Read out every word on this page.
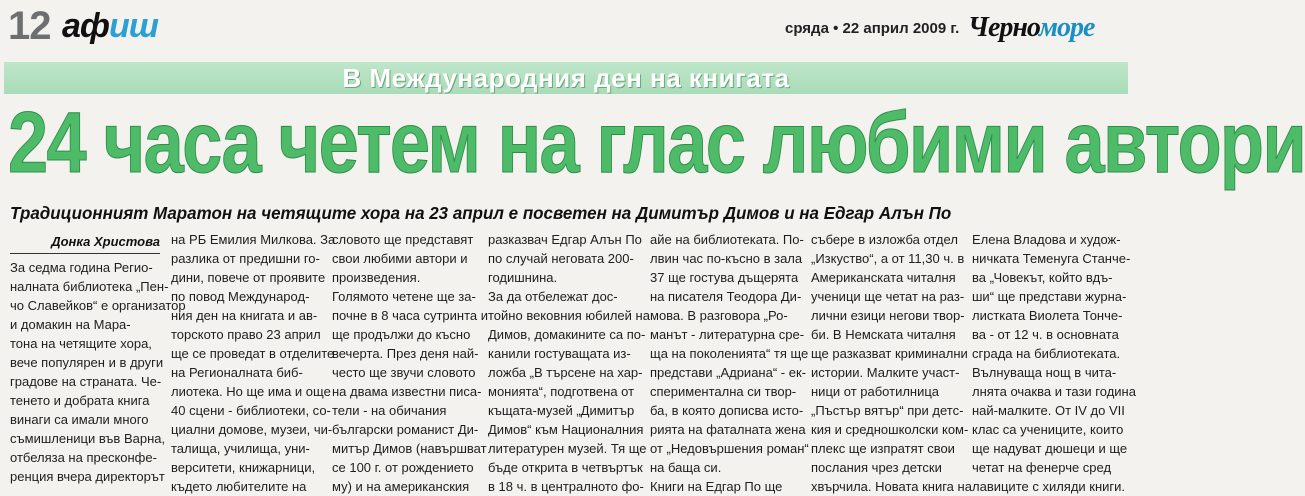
12 афиш	сряда • 22 април 2009 г. Черноморе
В Международния ден на книгата
24 часа четем на глас любими автори
Традиционният Маратон на четящите хора на 23 април е посветен на Димитър Димов и на Едгар Алън По
Донка Христова
За седма година Регио-
налната библиотека „Пен-
чо Славейков“ е организатор
и домакин на Мара-
тона на четящите хора,
вече популярен и в други
градове на страната. Че-
тенето и добрата книга
винаги са имали много
съмишленици във Варна,
отбеляза на пресконфе-
ренция вчера директорът
на РБ Емилия Милкова. За
разлика от предишни го-
дини, повече от проявите
по повод Международ-
ния ден на книгата и ав-
торското право 23 април
ще се проведат в отделите
на Регионалната биб-
лиотека. Но ще има и още
40 сцени - библиотеки, со-
циални домове, музеи, чи-
талища, училища, уни-
верситети, книжарници,
където любителите на
словото ще представят
свои любими автори и
произведения.
Голямото четене ще за-
почне в 8 часа сутринта и
ще продължи до късно
вечерта. През деня най-
често ще звучи словото
на двама известни писа-
тели - на обичания
български романист Ди-
митър Димов (навършват
се 100 г. от рождението
му) и на американския
разказвач Едгар Алън По
по случай неговата 200-
годишнина.
За да отбележат дос-
тойно вековния юбилей на
Димов, домакините са по-
канили гостуващата из-
ложба „В търсене на хар-
монията“, подготвена от
къщата-музей „Димитър
Димов“ към Националния
литературен музей. Тя ще
бъде открита в четвъртък
в 18 ч. в централното фо-
айе на библиотеката. По-
лвин час по-късно в зала
37 ще гостува дъщерята
на писателя Теодора Ди-
мова. В разговора „Ро-
манът - литературна сре-
ща на поколенията“ тя ще
представи „Адриана“ - ек-
спериментална си твор-
ба, в която дописва исто-
рията на фаталната жена
от „Недовършения роман“
на баща си.
Книги на Едгар По ще
събере в изложба отдел
„Изкуство“, а от 11,30 ч. в
Американската читалня
ученици ще четат на раз-
лични езици негови твор-
би. В Немската читалня
ще разказват криминални
истории. Малките участ-
ници от работилница
„Пъстър вятър“ при детс-
кия и средношколски ком-
плекс ще изпратят свои
послания чрез детски
хвърчила. Новата книга на
Елена Владова и худож-
ничката Теменуга Станче-
ва „Човекът, който вдъ-
ши“ ще представи журна-
листката Виолета Тонче-
ва - от 12 ч. в основната
сграда на библиотеката.
Вълнуваща нощ в чита-
лнята очаква и тази година
най-малките. От IV до VII
клас са учениците, които
ще надуват дюшеци и ще
четат на фенерче сред
лавиците с хиляди книги.
